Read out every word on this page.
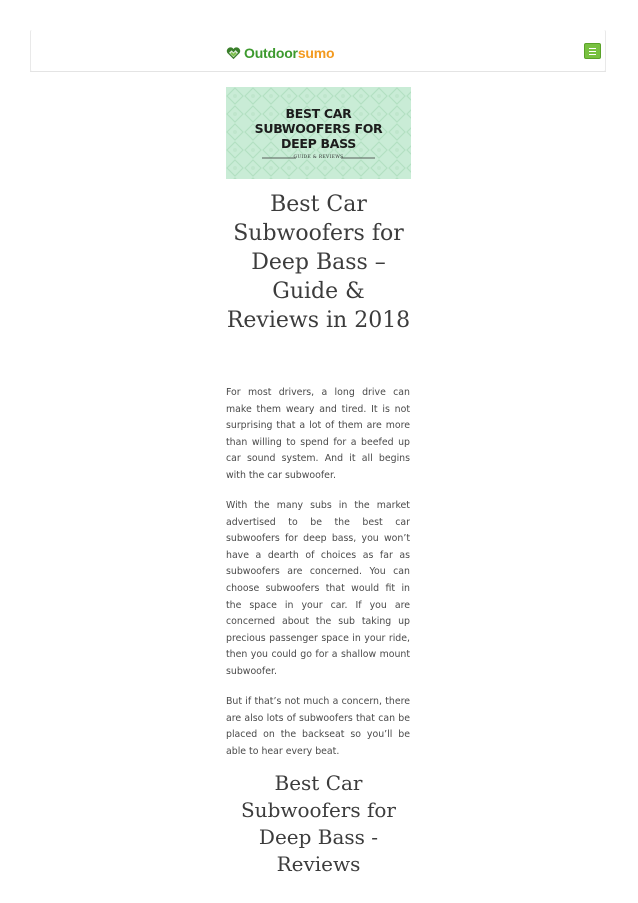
Outdoorsumo
BEST CAR
SUBWOOFERS FOR
DEEP BASS
GUIDE & REVIEWS
Best Car Subwoofers for Deep Bass – Guide & Reviews in 2018

For most drivers, a long drive can make them weary and tired. It is not surprising that a lot of them are more than willing to spend for a beefed up car sound system. And it all begins with the car subwoofer.

With the many subs in the market advertised to be the best car subwoofers for deep bass, you won’t have a dearth of choices as far as subwoofers are concerned. You can choose subwoofers that would fit in the space in your car. If you are concerned about the sub taking up precious passenger space in your ride, then you could go for a shallow mount subwoofer.

But if that’s not much a concern, there are also lots of subwoofers that can be placed on the backseat so you’ll be able to hear every beat.

Best Car Subwoofers for Deep Bass - Reviews
